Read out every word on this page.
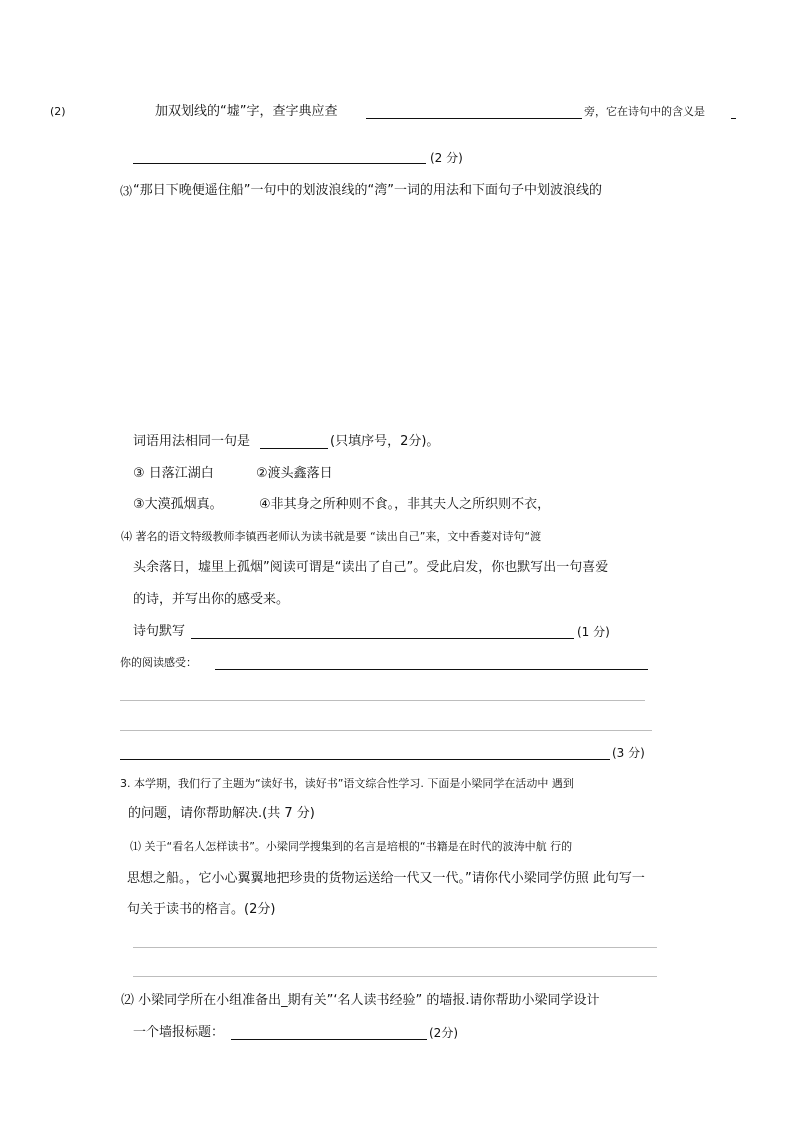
(2)	加双划线的“墟”字，查字典应查	旁，它在诗句中的含义是
(2 分)
⑶ “那日下晚便遥住船”一句中的划波浪线的“湾”一词的用法和下面句子中划波浪线的
词语用法相同一句是	(只填序号，2分)。
③ 日落江湖白	②渡头鑫落日
③大漠孤烟真。	④非其身之所种则不食。，非其夫人之所织则不衣，
⑷ 著名的语文特级教师李镇西老师认为读书就是要 “读出自己”来，文中香菱对诗句“渡
头余落日，墟里上孤烟”阅读可谓是“读出了自己”。受此启发，你也默写出一句喜爱
的诗，并写出你的感受来。
诗句默写	(1 分)
你的阅读感受：
(3 分)
3. 本学期，我们行了主题为“读好书，读好书”语文综合性学习. 下面是小梁同学在活动中 遇到
的问题，请你帮助解决.(共 7 分)
⑴ 关于“看名人怎样读书”。小梁同学搜集到的名言是培根的“书籍是在时代的波涛中航 行的
思想之船。，它小心翼翼地把珍贵的货物运送给一代又一代。”请你代小梁同学仿照 此句写一
句关于读书的格言。(2分)
⑵ 小梁同学所在小组准备出_期有关”‘名人读书经验” 的墙报.请你帮助小梁同学设计
一个墙报标题：	(2分)
